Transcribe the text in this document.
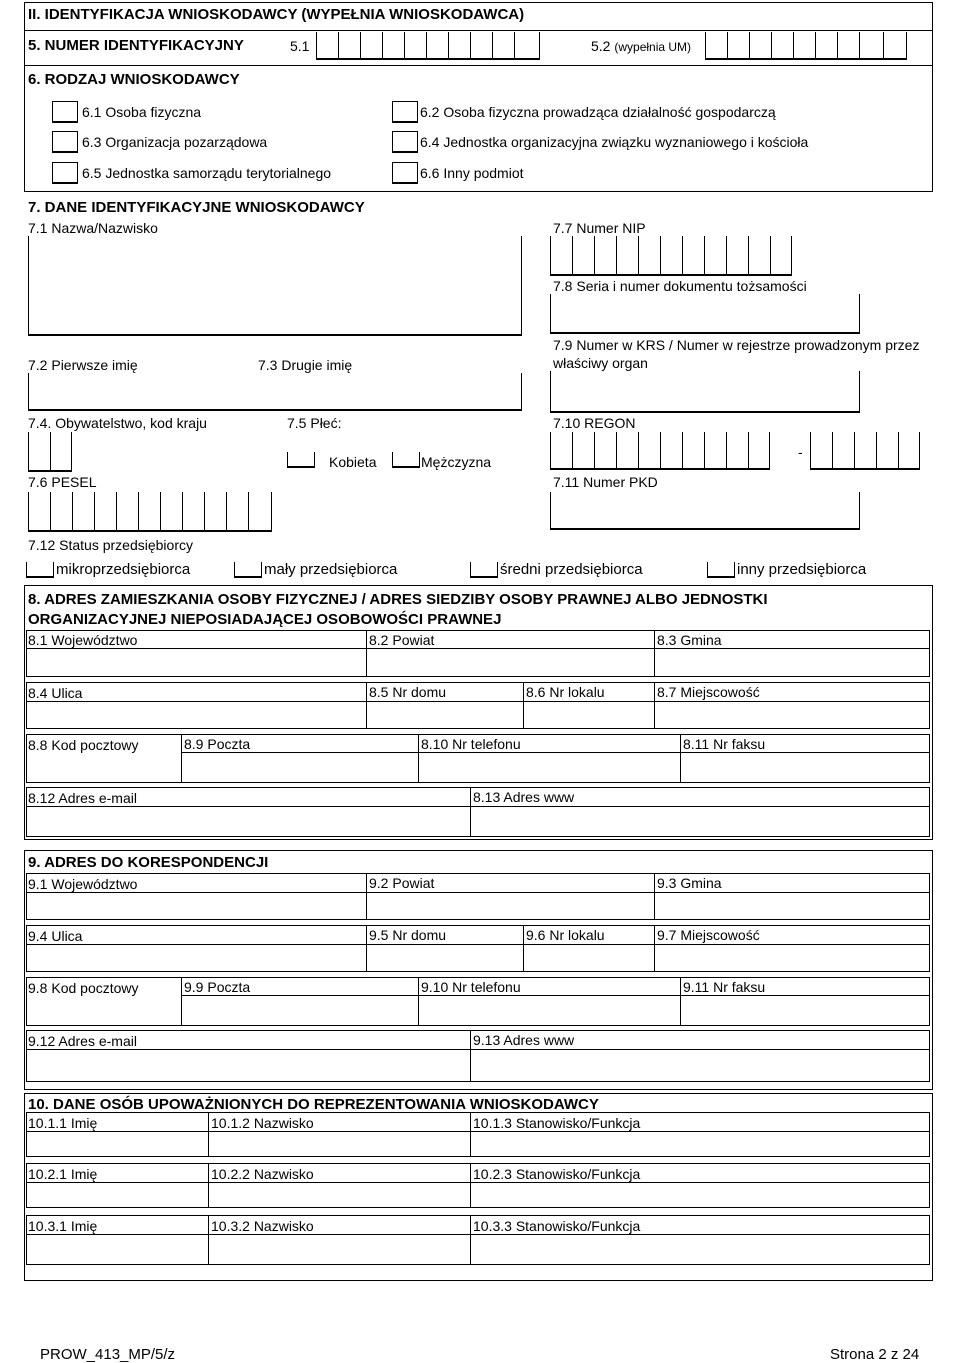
II. IDENTYFIKACJA WNIOSKODAWCY (WYPEŁNIA WNIOSKODAWCA)
5. NUMER IDENTYFIKACYJNY	5.1	5.2 (wypełnia UM)
6. RODZAJ WNIOSKODAWCY
6.1 Osoba fizyczna	6.2 Osoba fizyczna prowadząca działalność gospodarczą
6.3 Organizacja pozarządowa	6.4 Jednostka organizacyjna związku wyznaniowego i kościoła
6.5 Jednostka samorządu terytorialnego	6.6 Inny podmiot
7. DANE IDENTYFIKACYJNE WNIOSKODAWCY
7.1 Nazwa/Nazwisko	7.7 Numer NIP
7.8 Seria i numer dokumentu tożsamości
7.2 Pierwsze imię	7.3 Drugie imię
7.9 Numer w KRS / Numer w rejestrze prowadzonym przez
właściwy organ
7.4. Obywatelstwo, kod kraju	7.5 Płeć:
Kobieta	Mężczyzna
7.10 REGON
-
7.6 PESEL	7.11 Numer PKD
7.12 Status przedsiębiorcy
mikroprzedsiębiorca	mały przedsiębiorca	średni przedsiębiorca	inny przedsiębiorca
8. ADRES ZAMIESZKANIA OSOBY FIZYCZNEJ / ADRES SIEDZIBY OSOBY PRAWNEJ ALBO JEDNOSTKI
ORGANIZACYJNEJ NIEPOSIADAJĄCEJ OSOBOWOŚCI PRAWNEJ
8.1 Województwo	8.2 Powiat	8.3 Gmina
8.4 Ulica	8.5 Nr domu	8.6 Nr lokalu	8.7 Miejscowość
8.8 Kod pocztowy	8.9 Poczta	8.10 Nr telefonu	8.11 Nr faksu
8.12 Adres e-mail	8.13 Adres www
9. ADRES DO KORESPONDENCJI
9.1 Województwo	9.2 Powiat	9.3 Gmina
9.4 Ulica	9.5 Nr domu	9.6 Nr lokalu	9.7 Miejscowość
9.8 Kod pocztowy	9.9 Poczta	9.10 Nr telefonu	9.11 Nr faksu
9.12 Adres e-mail	9.13 Adres www
10. DANE OSÓB UPOWAŻNIONYCH DO REPREZENTOWANIA WNIOSKODAWCY
10.1.1 Imię	10.1.2 Nazwisko	10.1.3 Stanowisko/Funkcja
10.2.1 Imię	10.2.2 Nazwisko	10.2.3 Stanowisko/Funkcja
10.3.1 Imię	10.3.2 Nazwisko	10.3.3 Stanowisko/Funkcja
PROW_413_MP/5/z	Strona 2 z 24
